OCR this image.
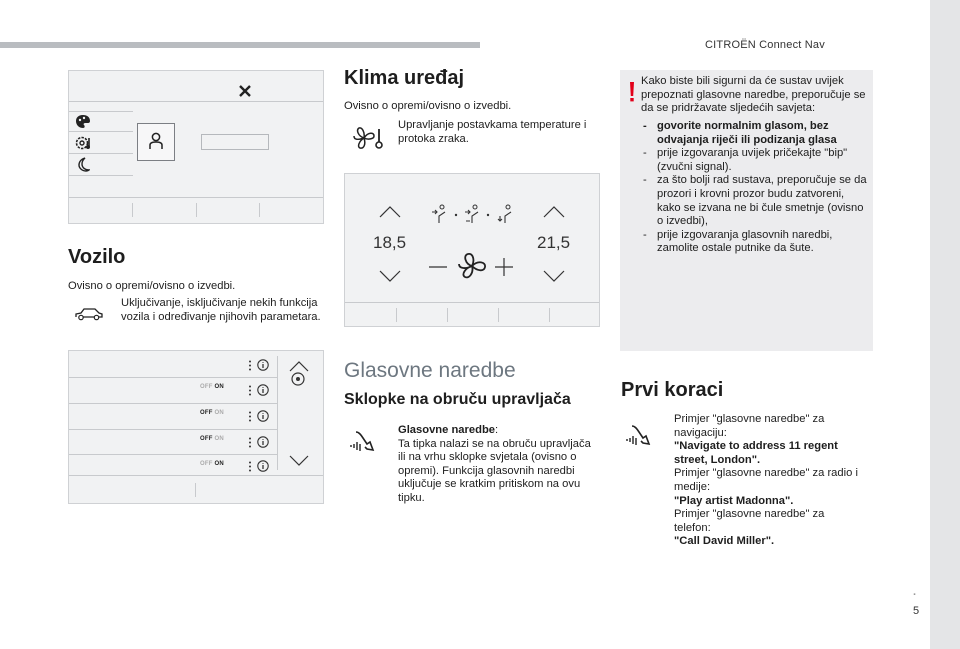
CITROËN Connect Nav
Vozilo
Ovisno o opremi/ovisno o izvedbi.
Uključivanje, isključivanje nekih funkcija vozila i određivanje njihovih parametara.
OFF ON
OFF ON
OFF ON
OFF ON
Klima uređaj
Ovisno o opremi/ovisno o izvedbi.
Upravljanje postavkama temperature i protoka zraka.
18,5	21,5
Glasovne naredbe
Sklopke na obruču upravljača
Glasovne naredbe:
Ta tipka nalazi se na obruču upravljača ili na vrhu sklopke svjetala (ovisno o opremi). Funkcija glasovnih naredbi uključuje se kratkim pritiskom na ovu tipku.
Kako biste bili sigurni da će sustav uvijek prepoznati glasovne naredbe, preporučuje se da se pridržavate sljedećih savjeta:
- govorite normalnim glasom, bez odvajanja riječi ili podizanja glasa
- prije izgovaranja uvijek pričekajte "bip" (zvučni signal).
- za što bolji rad sustava, preporučuje se da prozori i krovni prozor budu zatvoreni, kako se izvana ne bi čule smetnje (ovisno o izvedbi),
- prije izgovaranja glasovnih naredbi, zamolite ostale putnike da šute.
Prvi koraci
Primjer "glasovne naredbe" za navigaciju:
"Navigate to address 11 regent street, London".
Primjer "glasovne naredbe" za radio i medije:
"Play artist Madonna".
Primjer "glasovne naredbe" za telefon:
"Call David Miller".
.
5
